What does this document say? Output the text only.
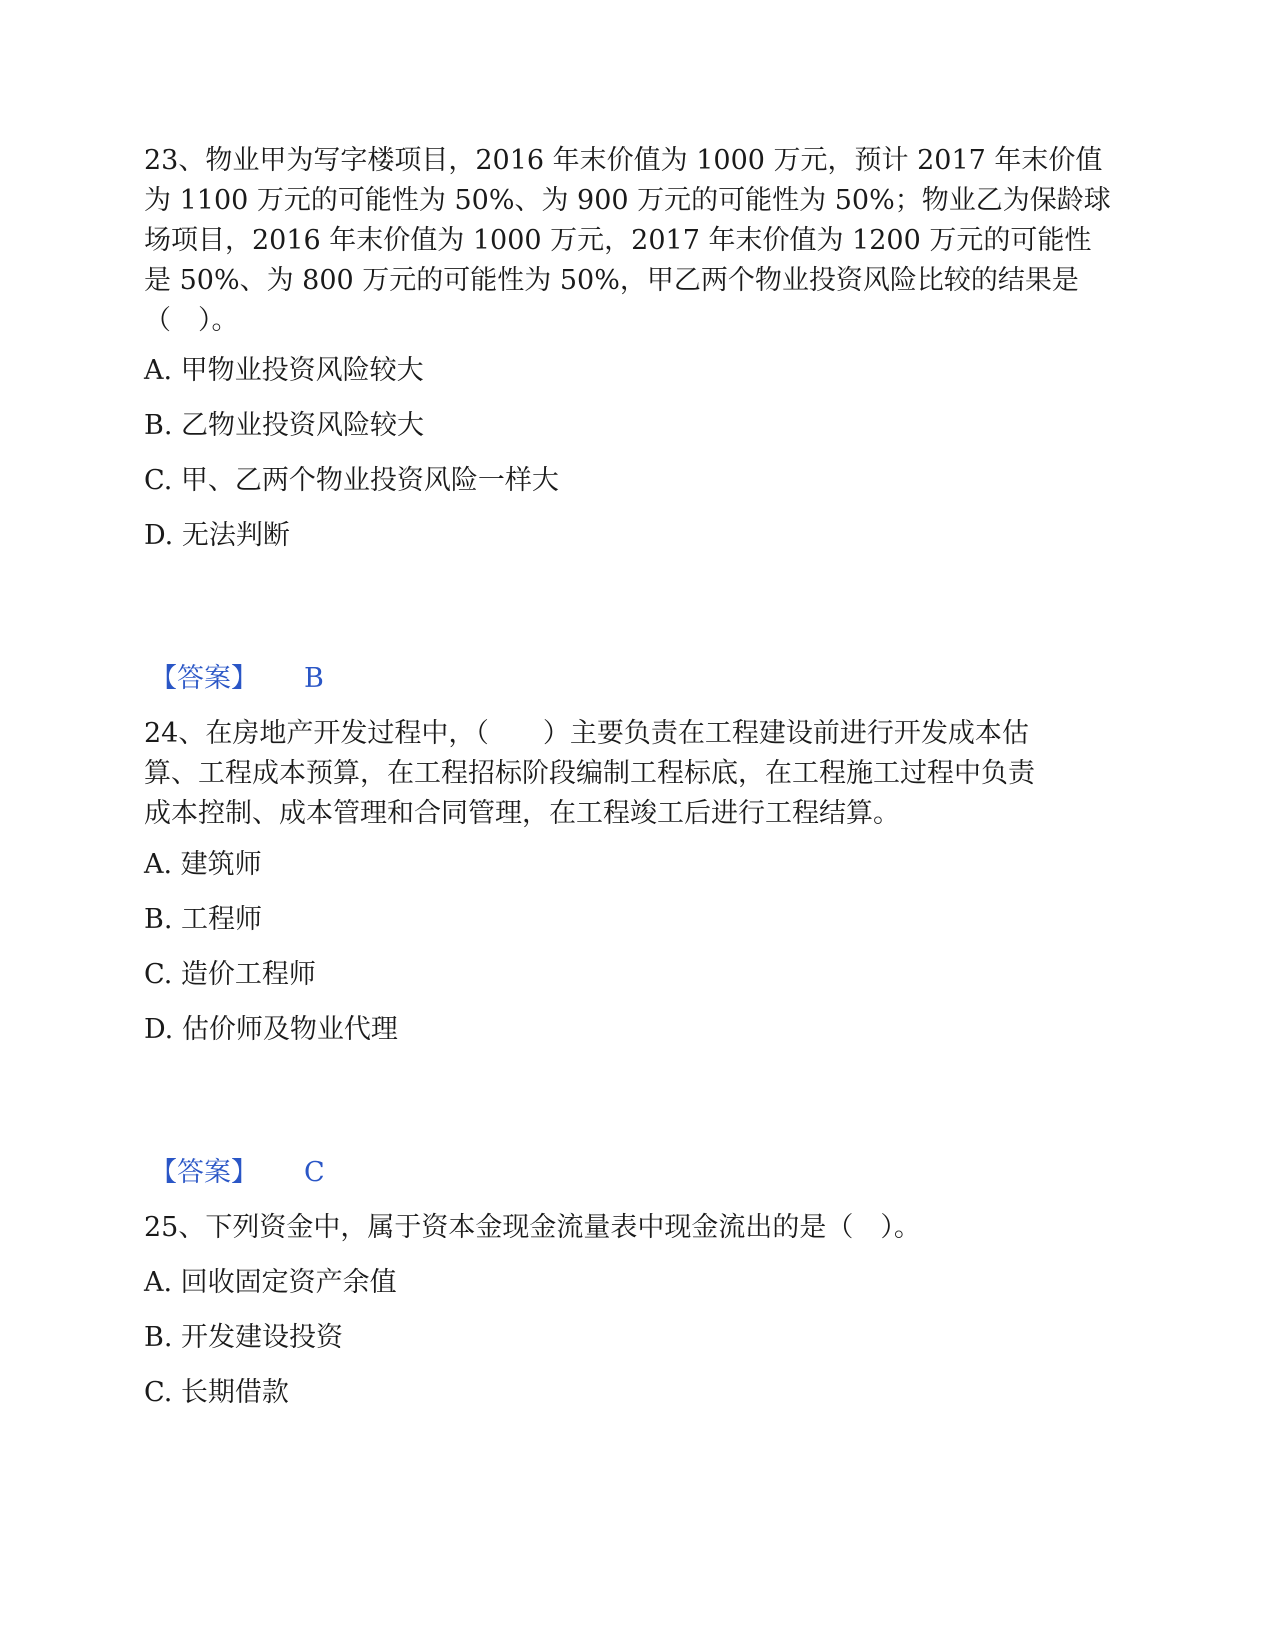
23、物业甲为写字楼项目，2016 年末价值为 1000 万元，预计 2017 年末价值
为 1100 万元的可能性为 50%、为 900 万元的可能性为 50%；物业乙为保龄球
场项目，2016 年末价值为 1000 万元，2017 年末价值为 1200 万元的可能性
是 50%、为 800 万元的可能性为 50%，甲乙两个物业投资风险比较的结果是
（　）。
A. 甲物业投资风险较大
B. 乙物业投资风险较大
C. 甲、乙两个物业投资风险一样大
D. 无法判断
【答案】 B
24、在房地产开发过程中，（　　）主要负责在工程建设前进行开发成本估
算、工程成本预算，在工程招标阶段编制工程标底，在工程施工过程中负责
成本控制、成本管理和合同管理，在工程竣工后进行工程结算。
A. 建筑师
B. 工程师
C. 造价工程师
D. 估价师及物业代理
【答案】 C
25、下列资金中，属于资本金现金流量表中现金流出的是（　）。
A. 回收固定资产余值
B. 开发建设投资
C. 长期借款
